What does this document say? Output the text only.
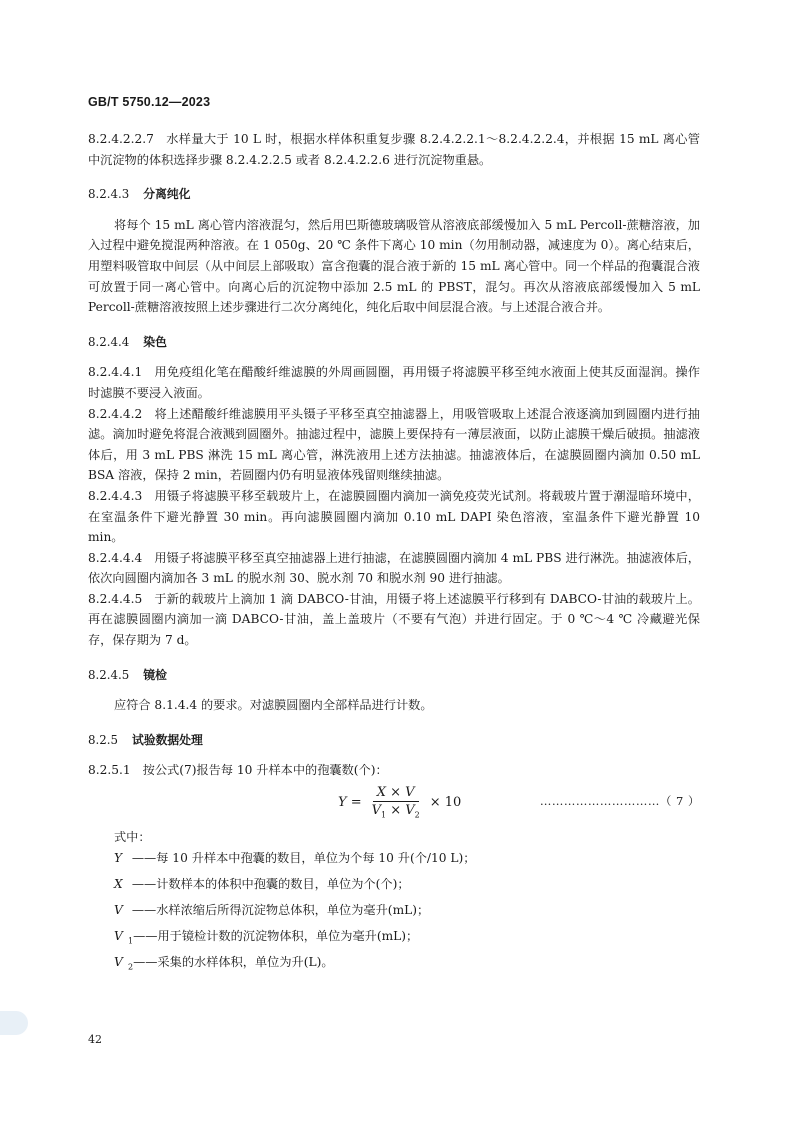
GB/T 5750.12—2023

8.2.4.2.2.7 水样量大于 10 L 时，根据水样体积重复步骤 8.2.4.2.2.1～8.2.4.2.2.4，并根据 15 mL 离心管中沉淀物的体积选择步骤 8.2.4.2.2.5 或者 8.2.4.2.2.6 进行沉淀物重悬。

8.2.4.3 分离纯化

将每个 15 mL 离心管内溶液混匀，然后用巴斯德玻璃吸管从溶液底部缓慢加入 5 mL Percoll-蔗糖溶液，加入过程中避免搅混两种溶液。在 1 050g、20 ℃ 条件下离心 10 min（勿用制动器，减速度为 0）。离心结束后，用塑料吸管取中间层（从中间层上部吸取）富含孢囊的混合液于新的 15 mL 离心管中。同一个样品的孢囊混合液可放置于同一离心管中。向离心后的沉淀物中添加 2.5 mL 的 PBST，混匀。再次从溶液底部缓慢加入 5 mL Percoll-蔗糖溶液按照上述步骤进行二次分离纯化，纯化后取中间层混合液。与上述混合液合并。

8.2.4.4 染色

8.2.4.4.1 用免疫组化笔在醋酸纤维滤膜的外周画圆圈，再用镊子将滤膜平移至纯水液面上使其反面湿润。操作时滤膜不要浸入液面。

8.2.4.4.2 将上述醋酸纤维滤膜用平头镊子平移至真空抽滤器上，用吸管吸取上述混合液逐滴加到圆圈内进行抽滤。滴加时避免将混合液溅到圆圈外。抽滤过程中，滤膜上要保持有一薄层液面，以防止滤膜干燥后破损。抽滤液体后，用 3 mL PBS 淋洗 15 mL 离心管，淋洗液用上述方法抽滤。抽滤液体后，在滤膜圆圈内滴加 0.50 mL BSA 溶液，保持 2 min，若圆圈内仍有明显液体残留则继续抽滤。

8.2.4.4.3 用镊子将滤膜平移至载玻片上，在滤膜圆圈内滴加一滴免疫荧光试剂。将载玻片置于潮湿暗环境中，在室温条件下避光静置 30 min。再向滤膜圆圈内滴加 0.10 mL DAPI 染色溶液，室温条件下避光静置 10 min。

8.2.4.4.4 用镊子将滤膜平移至真空抽滤器上进行抽滤，在滤膜圆圈内滴加 4 mL PBS 进行淋洗。抽滤液体后，依次向圆圈内滴加各 3 mL 的脱水剂 30、脱水剂 70 和脱水剂 90 进行抽滤。

8.2.4.4.5 于新的载玻片上滴加 1 滴 DABCO-甘油，用镊子将上述滤膜平行移到有 DABCO-甘油的载玻片上。再在滤膜圆圈内滴加一滴 DABCO-甘油，盖上盖玻片（不要有气泡）并进行固定。于 0 ℃～4 ℃ 冷藏避光保存，保存期为 7 d。

8.2.4.5 镜检

应符合 8.1.4.4 的要求。对滤膜圆圈内全部样品进行计数。

8.2.5 试验数据处理

8.2.5.1 按公式(7)报告每 10 升样本中的孢囊数(个)：

$Y = \frac{X \times V}{V_1 \times V_2} \times 10$	…………………………（ 7 ）

式中：

Y ——每 10 升样本中孢囊的数目，单位为个每 10 升(个/10 L)；

X ——计数样本的体积中孢囊的数目，单位为个(个)；

V ——水样浓缩后所得沉淀物总体积，单位为毫升(mL)；

V $_1$——用于镜检计数的沉淀物体积，单位为毫升(mL)；

V $_2$——采集的水样体积，单位为升(L)。

42
